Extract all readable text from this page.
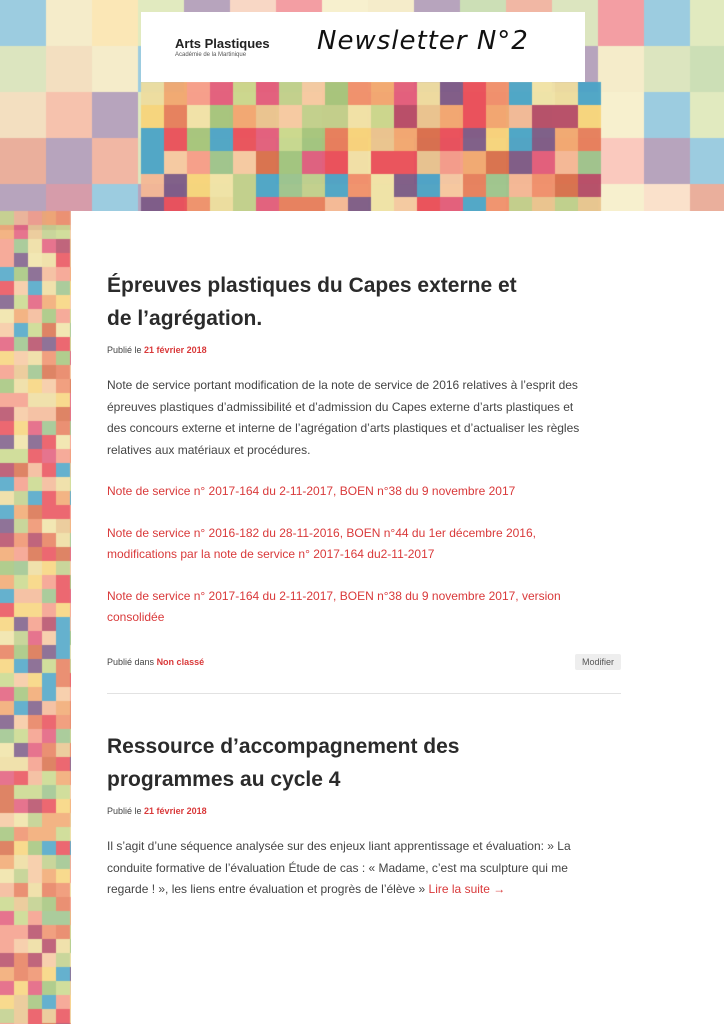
Arts Plastiques
Académie de la Martinique	Newsletter N°2
Épreuves plastiques du Capes externe et
de l’agrégation.
Publié le 21 février 2018

Note de service portant modification de la note de service de 2016 relatives à l’esprit des

épreuves plastiques d’admissibilité et d’admission du Capes externe d’arts plastiques et

des concours externe et interne de l’agrégation d’arts plastiques et d’actualiser les règles

relatives aux matériaux et procédures.

Note de service n° 2017-164 du 2-11-2017, BOEN n°38 du 9 novembre 2017

Note de service n° 2016-182 du 28-11-2016, BOEN n°44 du 1er décembre 2016,

modifications par la note de service n° 2017-164 du2-11-2017

Note de service n° 2017-164 du 2-11-2017, BOEN n°38 du 9 novembre 2017, version

consolidée

Publié dans Non classé	Modifier
Ressource d’accompagnement des
programmes au cycle 4
Publié le 21 février 2018

Il s’agit d’une séquence analysée sur des enjeux liant apprentissage et évaluation: » La

conduite formative de l’évaluation Étude de cas : « Madame, c’est ma sculpture qui me

regarde ! », les liens entre évaluation et progrès de l’élève » Lire la suite →
